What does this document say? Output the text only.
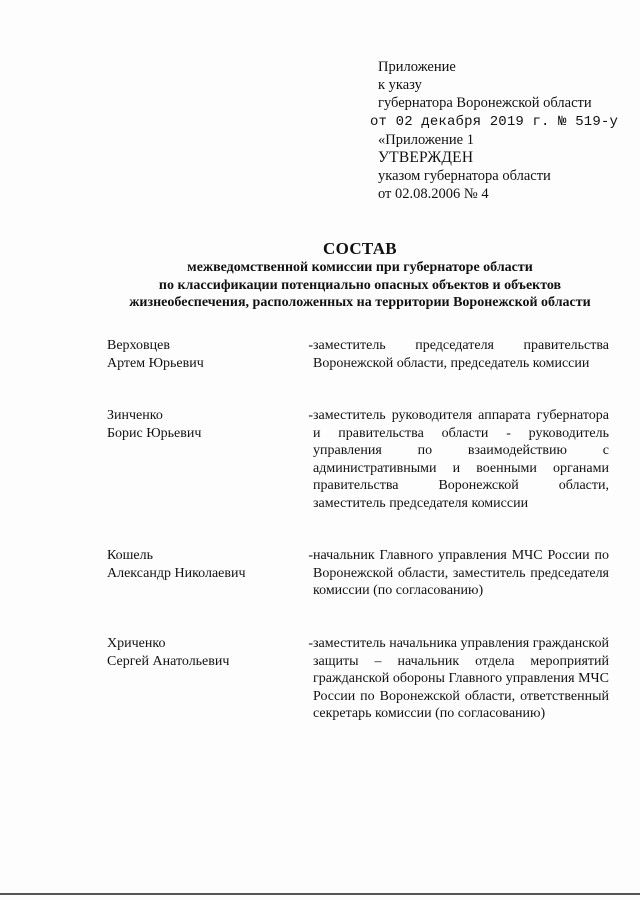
Приложение
к указу
губернатора Воронежской области
от 02 декабря 2019 г. № 519-у
«Приложение 1
УТВЕРЖДЕН
указом губернатора области
от 02.08.2006 № 4
СОСТАВ
межведомственной комиссии при губернаторе области
по классификации потенциально опасных объектов и объектов
жизнеобеспечения, расположенных на территории Воронежской области
Верховцев
Артем Юрьевич
- заместитель председателя правительства Воронежской области, председатель комиссии
Зинченко
Борис Юрьевич
- заместитель руководителя аппарата губернатора и правительства области - руководитель управления по взаимодействию с административными и военными органами правительства Воронежской области, заместитель председателя комиссии
Кошель
Александр Николаевич
- начальник Главного управления МЧС России по Воронежской области, заместитель председателя комиссии (по согласованию)
Хриченко
Сергей Анатольевич
- заместитель начальника управления гражданской защиты – начальник отдела мероприятий гражданской обороны Главного управления МЧС России по Воронежской области, ответственный секретарь комиссии (по согласованию)
